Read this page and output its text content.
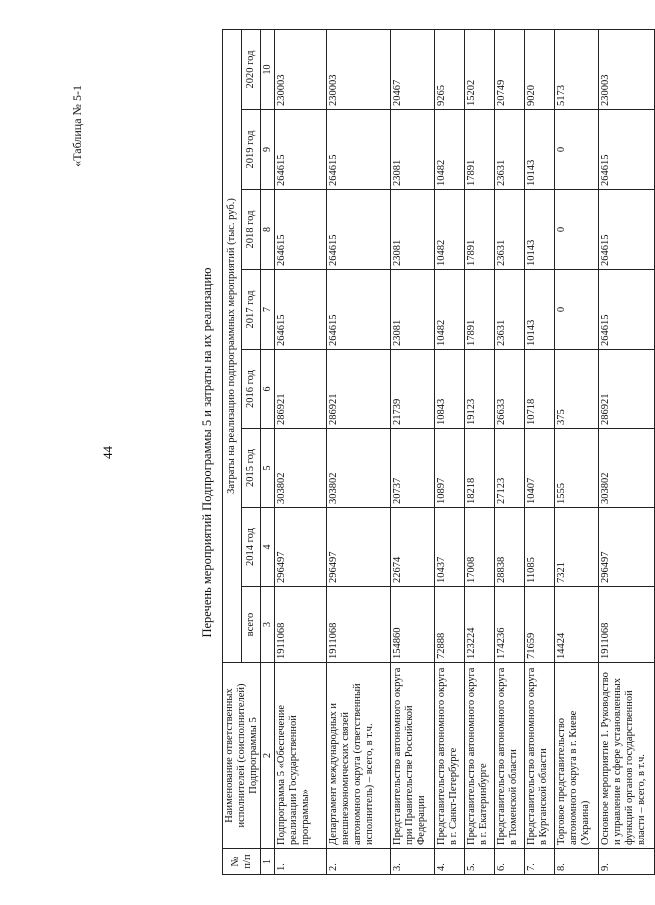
«Таблица № 5-1
44	Перечень мероприятий Подпрограммы 5 и затраты на их реализацию
№ п/п	Наименование ответственных исполнителей (соисполнителей) Подпрограммы 5	Затраты на реализацию подпрограммных мероприятий (тыс. руб.)							
		всего	2014 год	2015 год	2016 год	2017 год	2018 год	2019 год	2020 год
1	2	3	4	5	6	7	8	9	10
1.	Подпрограмма 5 «Обеспечение реализации Государственной программы»	1911068	296497	303802	286921	264615	264615	264615	230003
2.	Департамент международных и внешнеэкономических связей автономного округа (ответственный исполнитель) – всего, в т.ч.	1911068	296497	303802	286921	264615	264615	264615	230003
3.	Представительство автономного округа при Правительстве Российской Федерации	154860	22674	20737	21739	23081	23081	23081	20467
4.	Представительство автономного округа в г. Санкт-Петербурге	72888	10437	10897	10843	10482	10482	10482	9265
5.	Представительство автономного округа в г. Екатеринбурге	123224	17008	18218	19123	17891	17891	17891	15202
6.	Представительство автономного округа в Тюменской области	174236	28838	27123	26633	23631	23631	23631	20749
7.	Представительство автономного округа в Курганской области	71659	11085	10407	10718	10143	10143	10143	9020
8.	Торговое представительство автономного округа в г. Киеве (Украина)	14424	7321	1555	375	0	0	0	5173
9.	Основное мероприятие 1. Руководство и управление в сфере установленных функций органов государственной власти – всего, в т.ч.	1911068	296497	303802	286921	264615	264615	264615	230003
